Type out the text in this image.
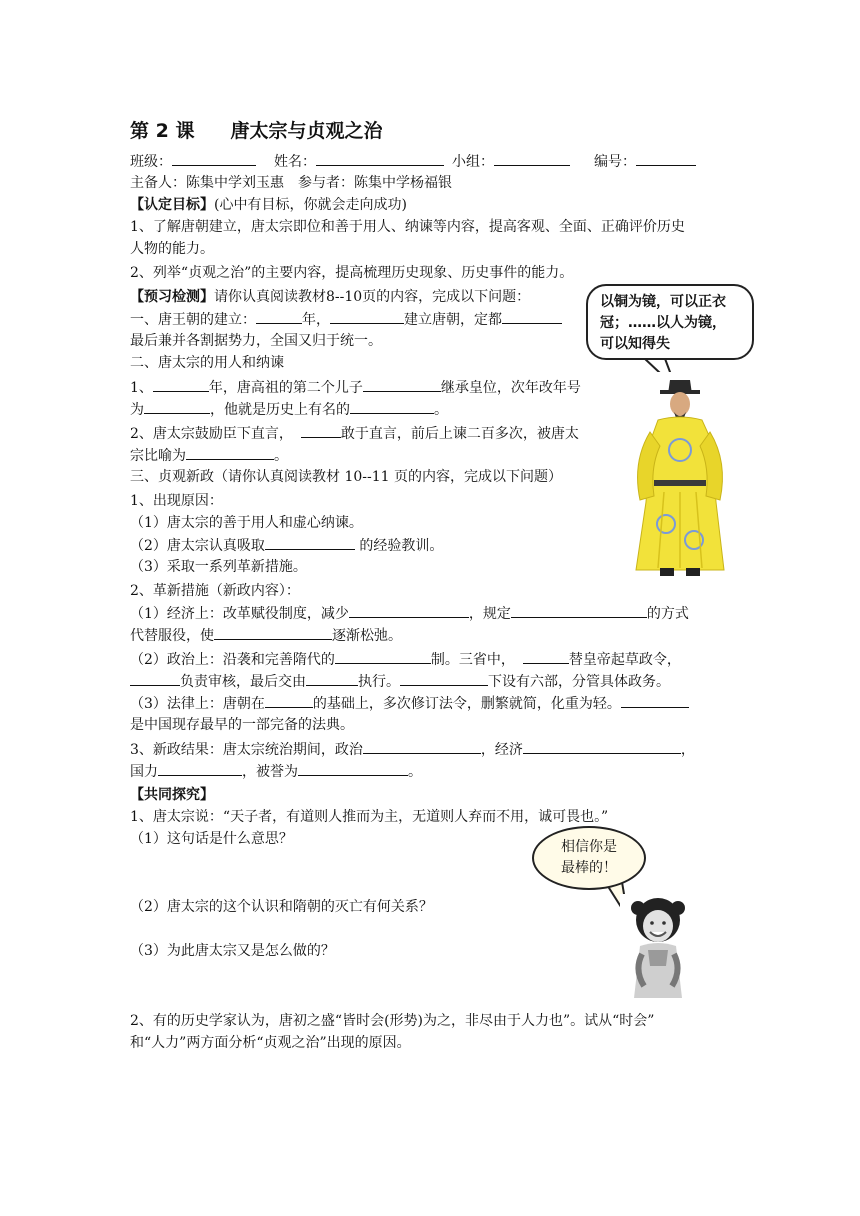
第 2 课 唐太宗与贞观之治
班级：	姓名：	小组：	编号：
主备人：陈集中学刘玉惠　参与者：陈集中学杨福银
【认定目标】(心中有目标，你就会走向成功)
1、了解唐朝建立，唐太宗即位和善于用人、纳谏等内容，提高客观、全面、正确评价历史
人物的能力。
2、列举“贞观之治”的主要内容，提高梳理历史现象、历史事件的能力。
【预习检测】请你认真阅读教材8--10页的内容，完成以下问题：
一、唐王朝的建立：	年，	建立唐朝，定都
最后兼并各割据势力，全国又归于统一。
二、唐太宗的用人和纳谏
1、	年，唐高祖的第二个儿子	继承皇位，次年改年号
为	，他就是历史上有名的	。
2、唐太宗鼓励臣下直言，	敢于直言，前后上谏二百多次，被唐太
宗比喻为	。
三、贞观新政（请你认真阅读教材 10--11 页的内容，完成以下问题）
1、出现原因：
（1）唐太宗的善于用人和虚心纳谏。
（2）唐太宗认真吸取	的经验教训。
（3）采取一系列革新措施。
2、革新措施（新政内容）：
（1）经济上：改革赋役制度，减少	，规定	的方式
代替服役，使	逐渐松弛。
（2）政治上：沿袭和完善隋代的	制。三省中，	替皇帝起草政令，
负责审核，最后交由	执行。	下设有六部，分管具体政务。
（3）法律上：唐朝在	的基础上，多次修订法令，删繁就简，化重为轻。
是中国现存最早的一部完备的法典。
3、新政结果：唐太宗统治期间，政治	，经济	，
国力	，被誉为	。
【共同探究】
1、唐太宗说：“天子者，有道则人推而为主，无道则人弃而不用，诚可畏也。”
（1）这句话是什么意思？
（2）唐太宗的这个认识和隋朝的灭亡有何关系？
（3）为此唐太宗又是怎么做的？
2、有的历史学家认为，唐初之盛“皆时会(形势)为之，非尽由于人力也”。试从“时会”
和“人力”两方面分析“贞观之治”出现的原因。
以铜为镜，可以正衣
冠；……以人为镜，
可以知得失
相信你是
最棒的！
